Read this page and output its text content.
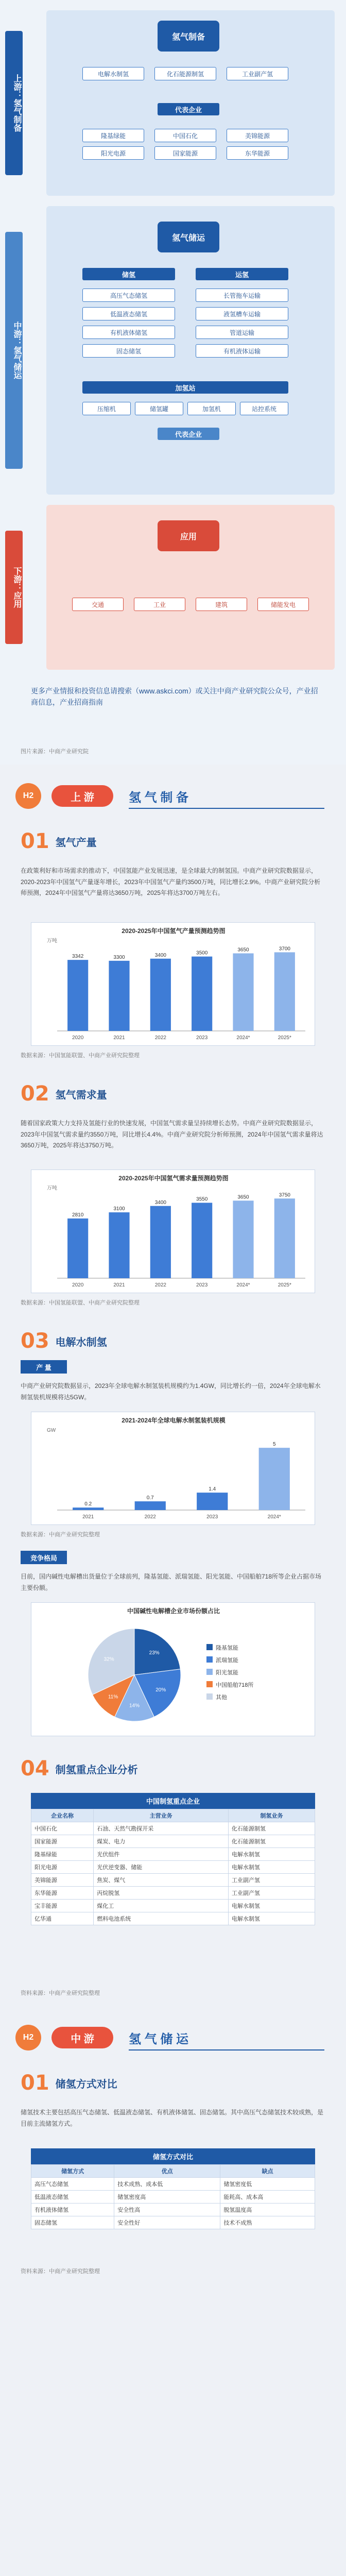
上游：氢气制备
氢气制备
电解水制氢	化石能源制氢	工业副产氢
代表企业
隆基绿能
阳光电源
中国石化
国家能源
美锦能源
东华能源
中游：氢气储运
氢气储运
储氢	运氢
高压气态储氢
低温液态储氢
有机液体储氢
固态储氢
长管拖车运输
液氢槽车运输
管道运输
有机液体运输
加氢站
压缩机	储氢罐	加氢机	站控系统
代表企业
下游：应用
应用
交通	工业	建筑	储能发电
更多产业情报和投资信息请搜索（www.askci.com）或关注中商产业研究院公众号，产业招商信息，产业招商指南
图片来源：中商产业研究院
H2	上 游	氢 气 制 备
01 氢气产量
在政策利好和市场需求的推动下，中国氢能产业发展迅速，是全球最大的制氢国。中商产业研究院数据显示，2020-2023年中国氢气产量逐年增长，2023年中国氢气产量约3500万吨，同比增长2.9%。中商产业研究院分析师预测，2024年中国氢气产量将达3650万吨，2025年将达3700万吨左右。
2020-2025年中国氢气产量预测趋势图
万吨
3342
2020
3300
2021
3400
2022
3500
2023
3650
2024*
3700
2025*
数据来源：中国氢能联盟、中商产业研究院整理
02 氢气需求量
随着国家政策大力支持及氢能行业的快速发展，中国氢气需求量呈持续增长态势。中商产业研究院数据显示，2023年中国氢气需求量约3550万吨，同比增长4.4%。中商产业研究院分析师预测，2024年中国氢气需求量将达3650万吨，2025年将达3750万吨。
2020-2025年中国氢气需求量预测趋势图
万吨
2810
2020
3100
2021
3400
2022
3550
2023
3650
2024*
3750
2025*
数据来源：中国氢能联盟、中商产业研究院整理
03 电解水制氢
产 量
中商产业研究院数据显示，2023年全球电解水制氢装机规模约为1.4GW，同比增长约一倍，2024年全球电解水制氢装机规模将达5GW。
2021-2024年全球电解水制氢装机规模
GW
0.2
2021
0.7
2022
1.4
2023
5
2024*
数据来源：中商产业研究院整理
竞争格局
目前，国内碱性电解槽出货量位于全球前列，隆基氢能、派瑞氢能、阳光氢能、中国船舶718所等企业占据市场主要份额。
中国碱性电解槽企业市场份额占比
23%
隆基氢能
20%
派瑞氢能
14%
阳光氢能
11%
中国船舶718所
32%
其他
04 制氢重点企业分析
中国制氢重点企业
企业名称	主营业务	制氢业务
中国石化	石油、天然气勘探开采	化石能源制氢
国家能源	煤炭、电力	化石能源制氢
隆基绿能	光伏组件	电解水制氢
阳光电源	光伏逆变器、储能	电解水制氢
美锦能源	焦炭、煤气	工业副产氢
东华能源	丙烷脱氢	工业副产氢
宝丰能源	煤化工	电解水制氢
亿华通	燃料电池系统	电解水制氢
资料来源：中商产业研究院整理
H2	中 游	氢 气 储 运
01 储氢方式对比
储氢技术主要包括高压气态储氢、低温液态储氢、有机液体储氢、固态储氢。其中高压气态储氢技术较成熟，是目前主流储氢方式。
储氢方式对比
储氢方式	优点	缺点
高压气态储氢	技术成熟、成本低	储氢密度低
低温液态储氢	储氢密度高	能耗高、成本高
有机液体储氢	安全性高	脱氢温度高
固态储氢	安全性好	技术不成熟
资料来源：中商产业研究院整理
